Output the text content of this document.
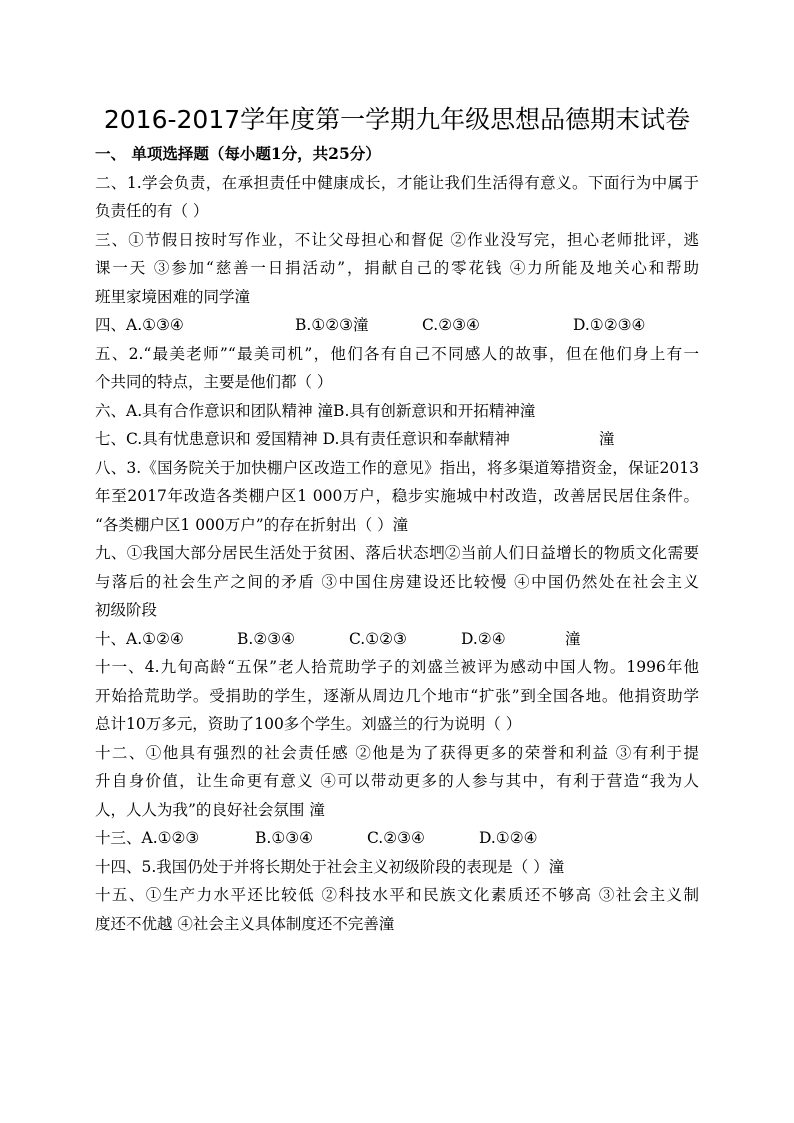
2016-2017学年度第一学期九年级思想品德期末试卷
一、 单项选择题（每小题1分，共25分）
二、1.学会负责，在承担责任中健康成长，才能让我们生活得有意义。下面行为中属于
负责任的有（ ）
三、①节假日按时写作业，不让父母担心和督促 ②作业没写完，担心老师批评，逃
课一天 ③参加“慈善一日捐活动”，捐献自己的零花钱 ④力所能及地关心和帮助
班里家境困难的同学潼
四、A.①③④	B.①②③潼	C.②③④	D.①②③④
五、2.“最美老师”“最美司机”，他们各有自己不同感人的故事，但在他们身上有一
个共同的特点，主要是他们都（ ）
六、A.具有合作意识和团队精神 潼B.具有创新意识和开拓精神潼
七、C.具有忧患意识和 爱国精神 D.具有责任意识和奉献精神	潼
八、3.《国务院关于加快棚户区改造工作的意见》指出，将多渠道筹措资金，保证2013
年至2017年改造各类棚户区1 000万户，稳步实施城中村改造，改善居民居住条件。
“各类棚户区1 000万户”的存在折射出（ ）潼
九、①我国大部分居民生活处于贫困、落后状态垇②当前人们日益增长的物质文化需要
与落后的社会生产之间的矛盾 ③中国住房建设还比较慢 ④中国仍然处在社会主义
初级阶段
十、A.①②④	B.②③④	C.①②③	D.②④	潼
十一、4.九旬高龄“五保”老人拾荒助学子的刘盛兰被评为感动中国人物。1996年他
开始拾荒助学。受捐助的学生，逐渐从周边几个地市“扩张”到全国各地。他捐资助学
总计10万多元，资助了100多个学生。刘盛兰的行为说明（ ）
十二、①他具有强烈的社会责任感 ②他是为了获得更多的荣誉和利益 ③有利于提
升自身价值，让生命更有意义 ④可以带动更多的人参与其中，有利于营造“我为人
人，人人为我”的良好社会氛围 潼
十三、A.①②③	B.①③④	C.②③④	D.①②④
十四、5.我国仍处于并将长期处于社会主义初级阶段的表现是（ ）潼
十五、①生产力水平还比较低 ②科技水平和民族文化素质还不够高 ③社会主义制
度还不优越 ④社会主义具体制度还不完善潼
